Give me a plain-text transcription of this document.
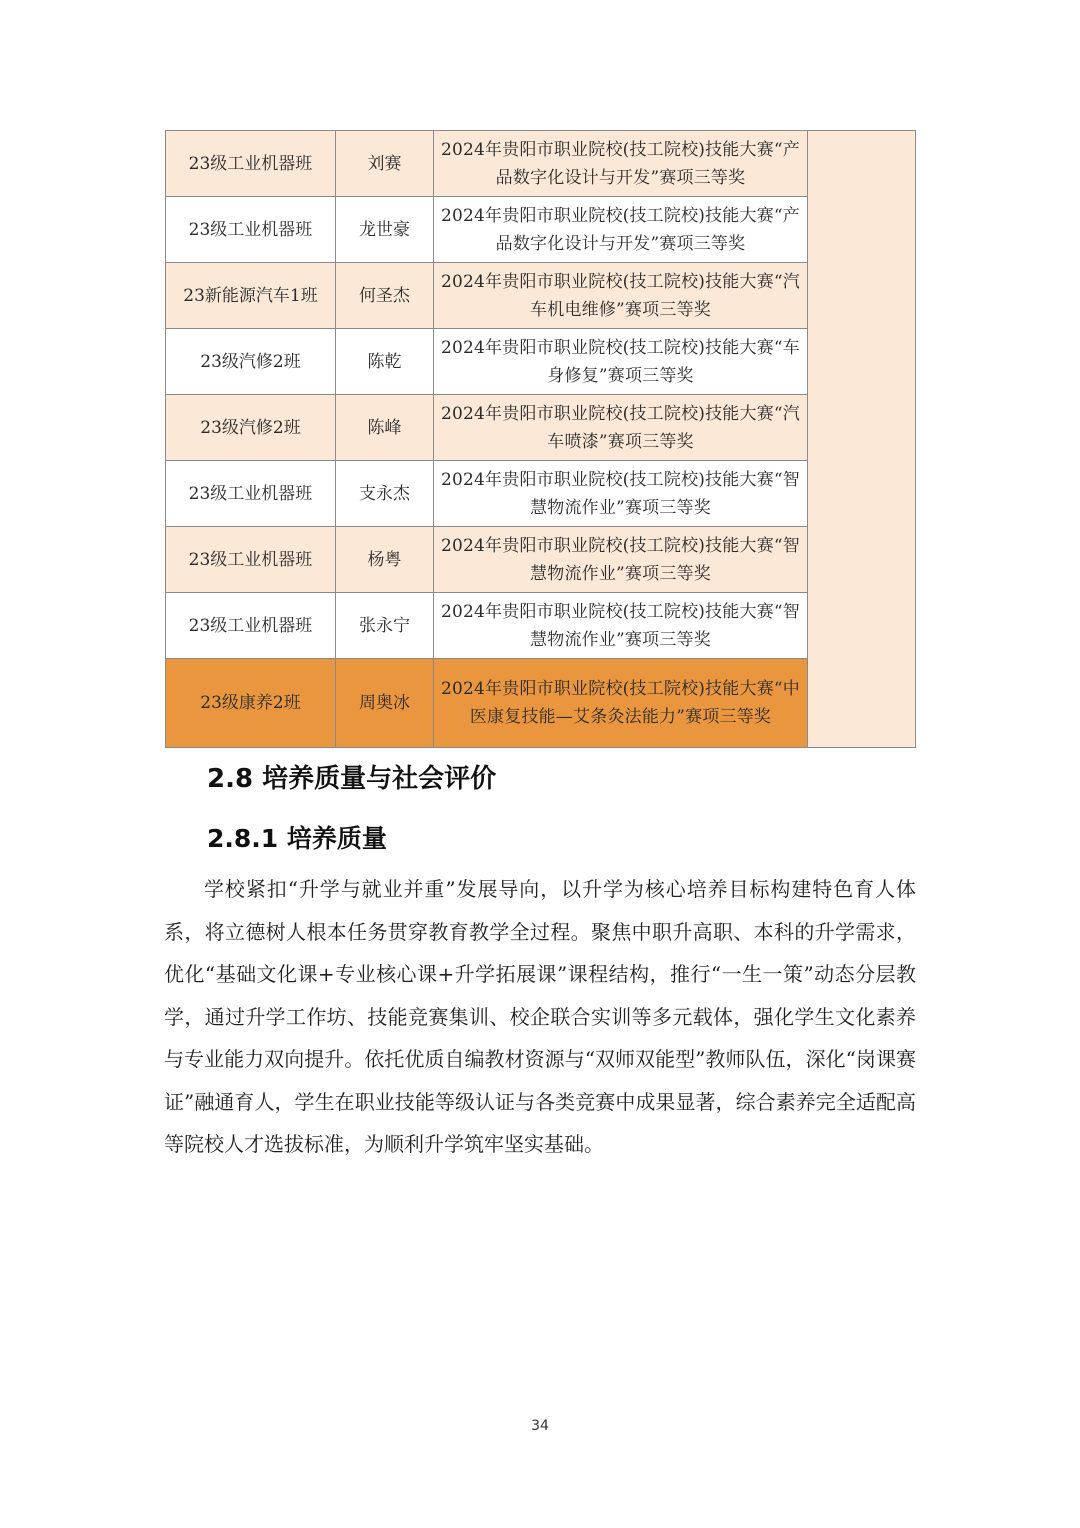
23级工业机器班	刘赛	2024年贵阳市职业院校(技工院校)技能大赛“产品数字化设计与开发”赛项三等奖	
23级工业机器班	龙世豪	2024年贵阳市职业院校(技工院校)技能大赛“产品数字化设计与开发”赛项三等奖	
23新能源汽车1班	何圣杰	2024年贵阳市职业院校(技工院校)技能大赛“汽车机电维修”赛项三等奖	
23级汽修2班	陈乾	2024年贵阳市职业院校(技工院校)技能大赛“车身修复”赛项三等奖	
23级汽修2班	陈峰	2024年贵阳市职业院校(技工院校)技能大赛“汽车喷漆”赛项三等奖	
23级工业机器班	支永杰	2024年贵阳市职业院校(技工院校)技能大赛“智慧物流作业”赛项三等奖	
23级工业机器班	杨粤	2024年贵阳市职业院校(技工院校)技能大赛“智慧物流作业”赛项三等奖	
23级工业机器班	张永宁	2024年贵阳市职业院校(技工院校)技能大赛“智慧物流作业”赛项三等奖	
23级康养2班	周奥冰	2024年贵阳市职业院校(技工院校)技能大赛“中医康复技能—艾条灸法能力”赛项三等奖	
2.8 培养质量与社会评价
2.8.1 培养质量

学校紧扣“升学与就业并重”发展导向，以升学为核心培养目标构建特色育人体系，将立德树人根本任务贯穿教育教学全过程。聚焦中职升高职、本科的升学需求，优化“基础文化课+专业核心课+升学拓展课”课程结构，推行“一生一策”动态分层教学，通过升学工作坊、技能竞赛集训、校企联合实训等多元载体，强化学生文化素养与专业能力双向提升。依托优质自编教材资源与“双师双能型”教师队伍，深化“岗课赛证”融通育人，学生在职业技能等级认证与各类竞赛中成果显著，综合素养完全适配高等院校人才选拔标准，为顺利升学筑牢坚实基础。

34
